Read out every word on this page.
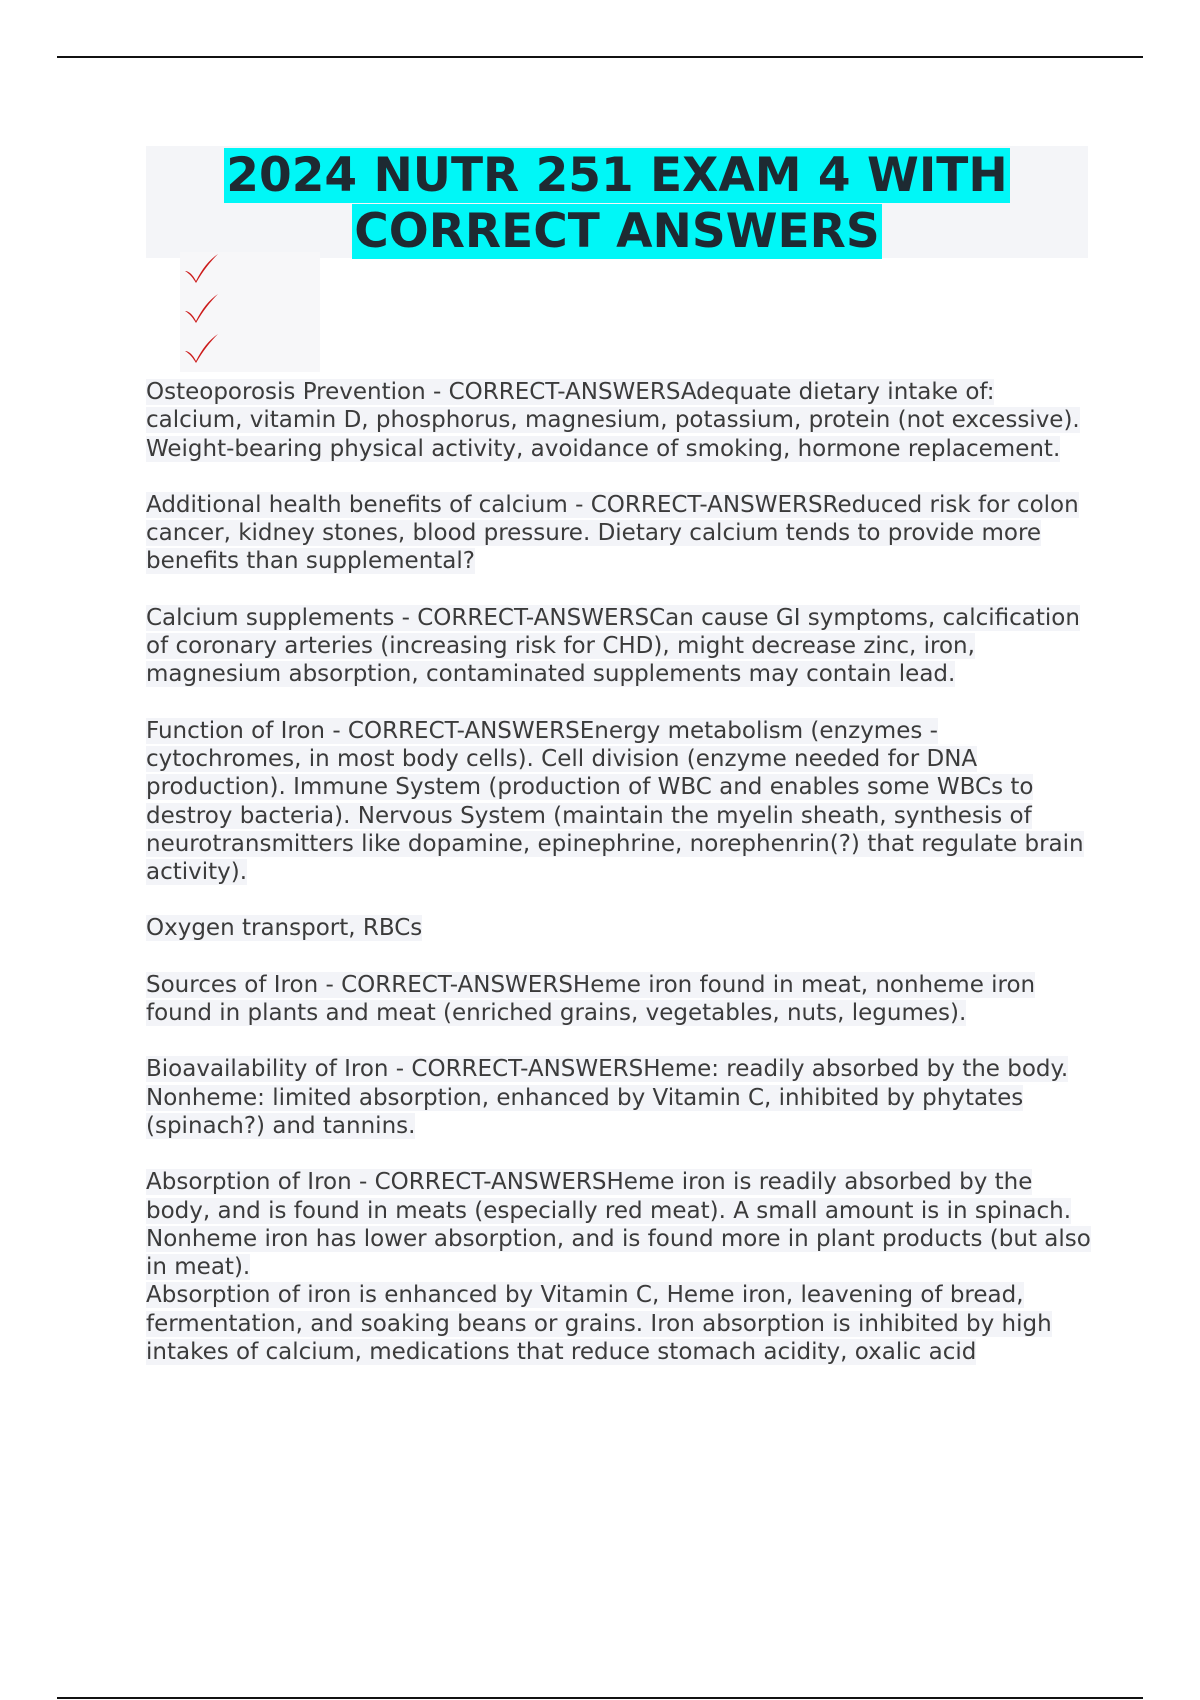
2024 NUTR 251 EXAM 4 WITH
CORRECT ANSWERS

Osteoporosis Prevention - CORRECT-ANSWERSAdequate dietary intake of: calcium, vitamin D, phosphorus, magnesium, potassium, protein (not excessive). Weight-bearing physical activity, avoidance of smoking, hormone replacement.

Additional health benefits of calcium - CORRECT-ANSWERSReduced risk for colon cancer, kidney stones, blood pressure. Dietary calcium tends to provide more benefits than supplemental?

Calcium supplements - CORRECT-ANSWERSCan cause GI symptoms, calcification of coronary arteries (increasing risk for CHD), might decrease zinc, iron, magnesium absorption, contaminated supplements may contain lead.

Function of Iron - CORRECT-ANSWERSEnergy metabolism (enzymes - cytochromes, in most body cells). Cell division (enzyme needed for DNA production). Immune System (production of WBC and enables some WBCs to destroy bacteria). Nervous System (maintain the myelin sheath, synthesis of neurotransmitters like dopamine, epinephrine, norephenrin(?) that regulate brain activity).

Oxygen transport, RBCs

Sources of Iron - CORRECT-ANSWERSHeme iron found in meat, nonheme iron found in plants and meat (enriched grains, vegetables, nuts, legumes).

Bioavailability of Iron - CORRECT-ANSWERSHeme: readily absorbed by the body. Nonheme: limited absorption, enhanced by Vitamin C, inhibited by phytates (spinach?) and tannins.

Absorption of Iron - CORRECT-ANSWERSHeme iron is readily absorbed by the body, and is found in meats (especially red meat). A small amount is in spinach. Nonheme iron has lower absorption, and is found more in plant products (but also in meat).

Absorption of iron is enhanced by Vitamin C, Heme iron, leavening of bread, fermentation, and soaking beans or grains. Iron absorption is inhibited by high intakes of calcium, medications that reduce stomach acidity, oxalic acid
